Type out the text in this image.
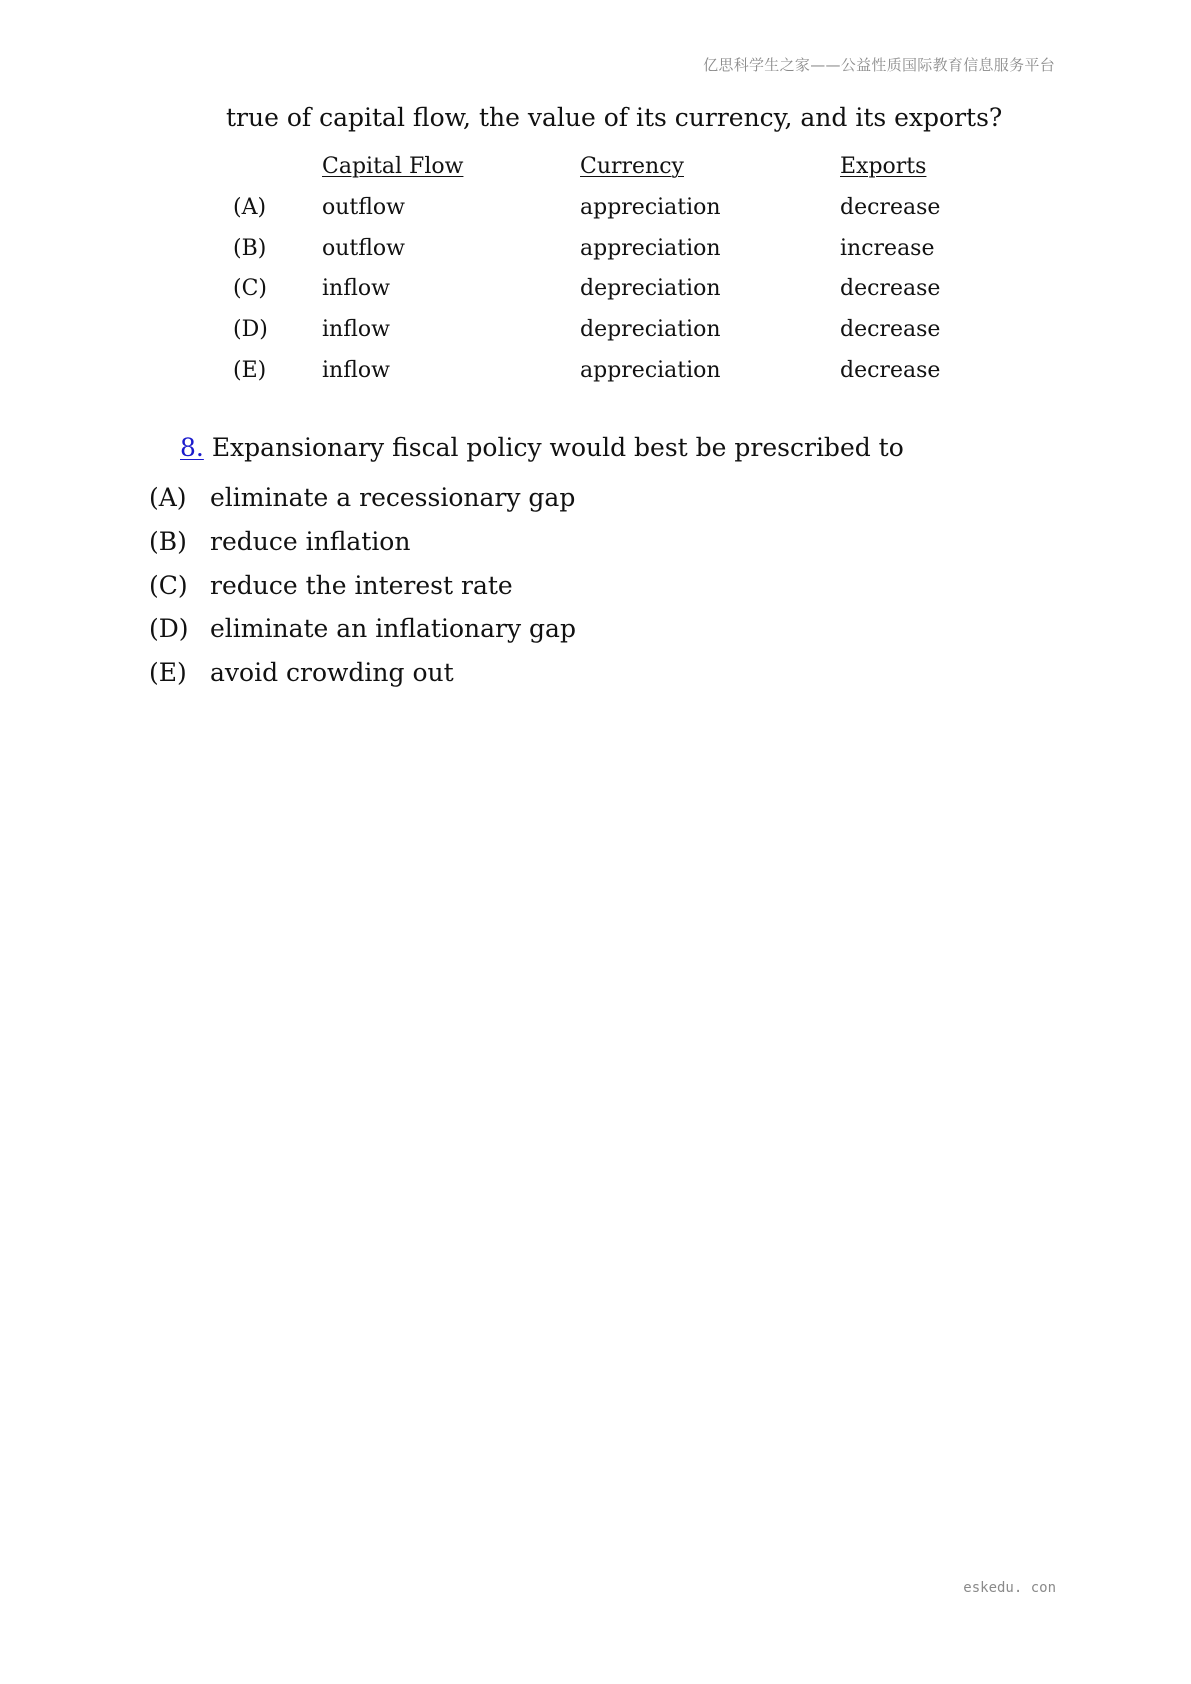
亿思科学生之家——公益性质国际教育信息服务平台
true of capital flow, the value of its currency, and its exports?
Capital Flow	Currency	Exports
(A)	outflow	appreciation	decrease
(B)	outflow	appreciation	increase
(C)	inflow	depreciation	decrease
(D) inflow	depreciation	decrease
(E)	inflow	appreciation	decrease
8. Expansionary fiscal policy would best be prescribed to
(A) eliminate a recessionary gap
(B) reduce inflation
(C) reduce the interest rate
(D) eliminate an inflationary gap
(E) avoid crowding out
eskedu. con
